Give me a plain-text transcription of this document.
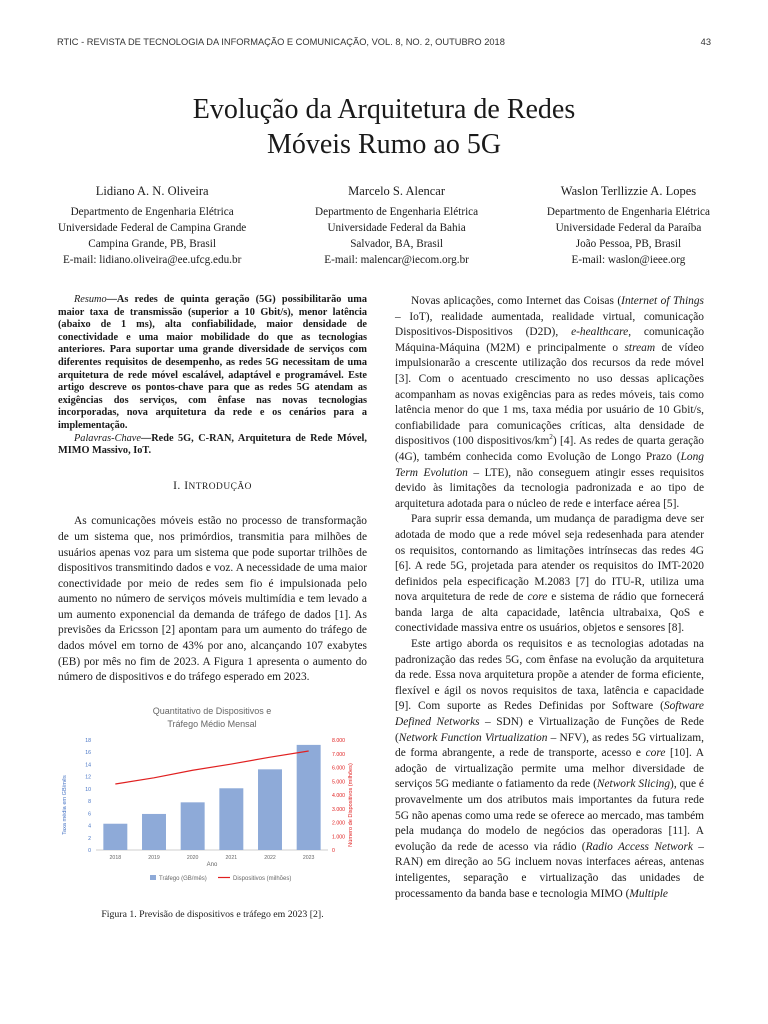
RTIC - REVISTA DE TECNOLOGIA DA INFORMAÇÃO E COMUNICAÇÃO, VOL. 8, NO. 2, OUTUBRO 2018	43
Evolução da Arquitetura de Redes
Móveis Rumo ao 5G
Lidiano A. N. Oliveira
Departmento de Engenharia Elétrica
Universidade Federal de Campina Grande
Campina Grande, PB, Brasil
E-mail: lidiano.oliveira@ee.ufcg.edu.br
Marcelo S. Alencar
Departmento de Engenharia Elétrica
Universidade Federal da Bahia
Salvador, BA, Brasil
E-mail: malencar@iecom.org.br
Waslon Terllizzie A. Lopes
Departmento de Engenharia Elétrica
Universidade Federal da Paraíba
João Pessoa, PB, Brasil
E-mail: waslon@ieee.org

Resumo—As redes de quinta geração (5G) possibilitarão uma maior taxa de transmissão (superior a 10 Gbit/s), menor latência (abaixo de 1 ms), alta confiabilidade, maior densidade de conectividade e uma maior mobilidade do que as tecnologias anteriores. Para suportar uma grande diversidade de serviços com diferentes requisitos de desempenho, as redes 5G necessitam de uma arquitetura de rede móvel escalável, adaptável e programável. Este artigo descreve os pontos-chave para que as redes 5G atendam as exigências dos serviços, com ênfase nas novas tecnologias incorporadas, nova arquitetura da rede e os cenários para a implementação.

Palavras-Chave—Rede 5G, C-RAN, Arquitetura de Rede Móvel, MIMO Massivo, IoT.

I. INTRODUÇÃO

As comunicações móveis estão no processo de transformação de um sistema que, nos primórdios, transmitia para milhões de usuários apenas voz para um sistema que pode suportar trilhões de dispositivos transmitindo dados e voz. A necessidade de uma maior conectividade por meio de redes sem fio é impulsionada pelo aumento no número de serviços móveis multimídia e tem levado a um aumento exponencial da demanda de tráfego de dados [1]. As previsões da Ericsson [2] apontam para um aumento do tráfego de dados móvel em torno de 43% por ano, alcançando 107 exabytes (EB) por mês no fim de 2023. A Figura 1 apresenta o aumento do número de dispositivos e do tráfego esperado em 2023.

Quantitativo de Dispositivos e
Tráfego Médio Mensal
Taxa média em GB/mês	Número de Dispositivos (milhões)
Ano
0
2
4
6
8
10
12
14
16
18
0
1.000
2.000
3.000
4.000
5.000
6.000
7.000
8.000
2018	2019	2020	2021	2022	2023
Tráfego (GB/mês)	Dispositivos (milhões)
Figura 1. Previsão de dispositivos e tráfego em 2023 [2].

Novas aplicações, como Internet das Coisas (Internet of Things – IoT), realidade aumentada, realidade virtual, comunicação Dispositivos-Dispositivos (D2D), e-healthcare, comunicação Máquina-Máquina (M2M) e principalmente o stream de vídeo impulsionarão a crescente utilização dos recursos da rede móvel [3]. Com o acentuado crescimento no uso dessas aplicações acompanham as novas exigências para as redes móveis, tais como latência menor do que 1 ms, taxa média por usuário de 10 Gbit/s, confiabilidade para comunicações críticas, alta densidade de dispositivos (100 dispositivos/$km^2$) [4]. As redes de quarta geração (4G), também conhecida como Evolução de Longo Prazo (Long Term Evolution – LTE), não conseguem atingir esses requisitos devido às limitações da tecnologia padronizada e ao tipo de arquitetura adotada para o núcleo de rede e interface aérea [5].

Para suprir essa demanda, um mudança de paradigma deve ser adotada de modo que a rede móvel seja redesenhada para atender os requisitos, contornando as limitações intrínsecas das redes 4G [6]. A rede 5G, projetada para atender os requisitos do IMT-2020 definidos pela especificação M.2083 [7] do ITU-R, utiliza uma nova arquitetura de rede de core e sistema de rádio que fornecerá banda larga de alta capacidade, latência ultrabaixa, QoS e conectividade massiva entre os usuários, objetos e sensores [8].

Este artigo aborda os requisitos e as tecnologias adotadas na padronização das redes 5G, com ênfase na evolução da arquitetura da rede. Essa nova arquitetura propõe a atender de forma eficiente, flexível e ágil os novos requisitos de taxa, latência e capacidade [9]. Com suporte as Redes Definidas por Software (Software Defined Networks – SDN) e Virtualização de Funções de Rede (Network Function Virtualization – NFV), as redes 5G virtualizam, de forma abrangente, a rede de transporte, acesso e core [10]. A adoção de virtualização permite uma melhor diversidade de serviços 5G mediante o fatiamento da rede (Network Slicing), que é provavelmente um dos atributos mais importantes da futura rede 5G não apenas como uma rede se oferece ao mercado, mas também pela mudança do modelo de negócios das operadoras [11]. A evolução da rede de acesso via rádio (Radio Access Network – RAN) em direção ao 5G incluem novas interfaces aéreas, antenas inteligentes, separação e virtualização das unidades de processamento da banda base e tecnologia MIMO (Multiple
